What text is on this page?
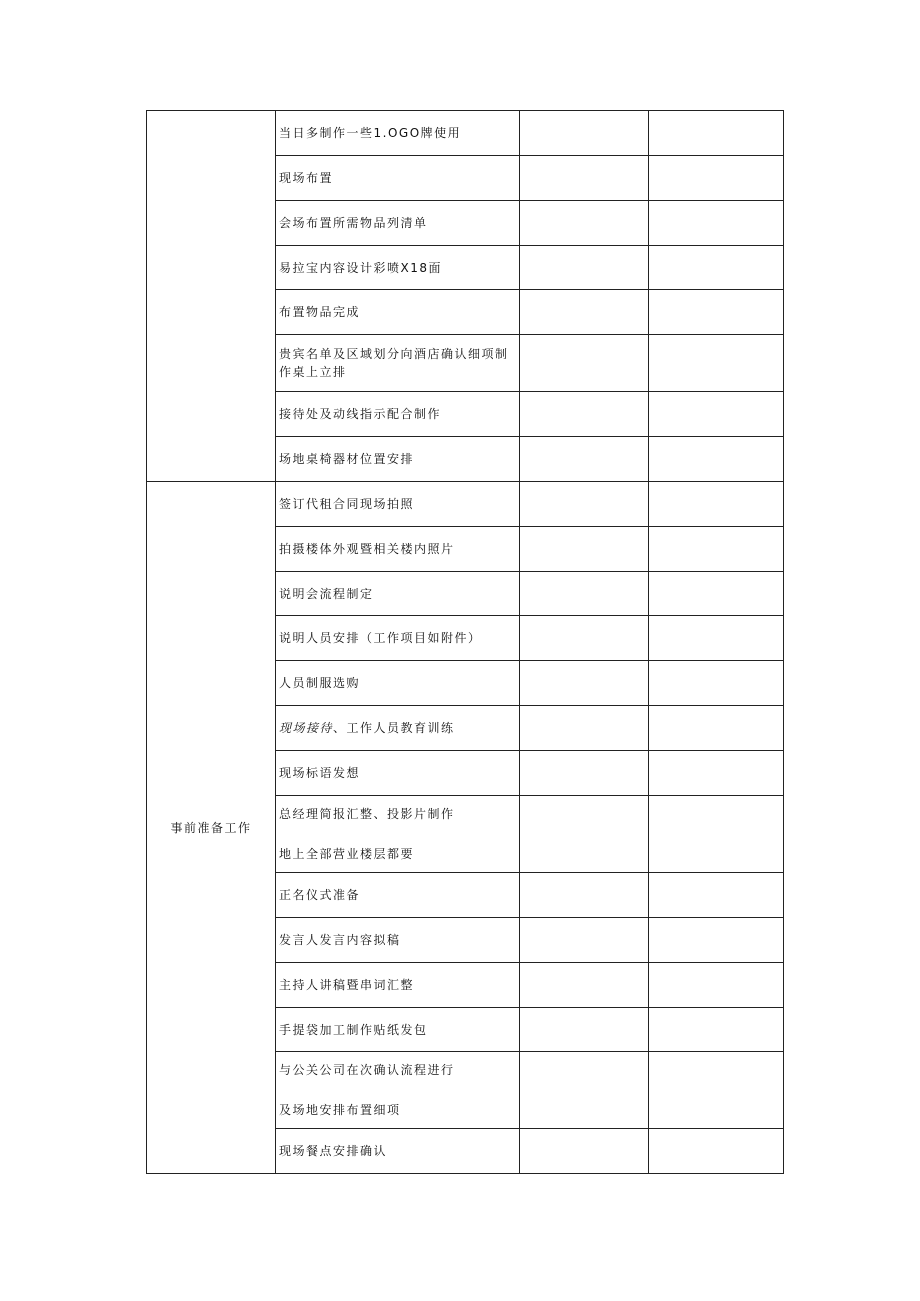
	当日多制作一些1.OGO牌使用		
	现场布置		
	会场布置所需物品列清单		
	易拉宝内容设计彩喷X18面		
	布置物品完成		
	贵宾名单及区域划分向酒店确认细项制
作桌上立排		

	接待处及动线指示配合制作		
	场地桌椅器材位置安排		
事前准备工作	签订代租合同现场拍照		
	拍摄楼体外观暨相关楼内照片		
	说明会流程制定		
	说明人员安排（工作项目如附件）		
	人员制服选购		
	现场接待、工作人员教育训练		
	现场标语发想		

	总经理简报汇整、投影片制作
地上全部营业楼层都要		

	正名仪式准备		
	发言人发言内容拟稿		
	主持人讲稿暨串词汇整		
	手提袋加工制作贴纸发包		

	与公关公司在次确认流程进行
及场地安排布置细项		

	现场餐点安排确认		
